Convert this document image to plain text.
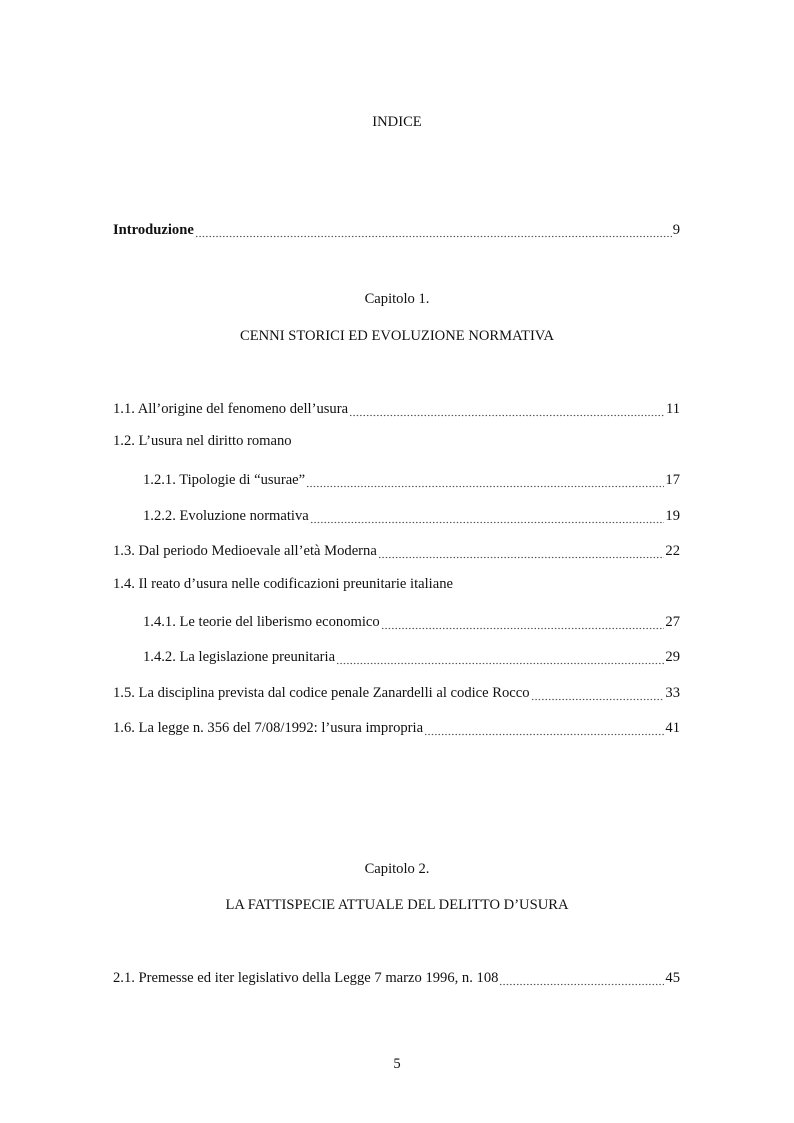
INDICE
Introduzione	9
Capitolo 1.
CENNI STORICI ED EVOLUZIONE NORMATIVA
1.1. All’origine del fenomeno dell’usura	11
1.2. L’usura nel diritto romano
1.2.1. Tipologie di “usurae”	17
1.2.2. Evoluzione normativa	19
1.3. Dal periodo Medioevale all’età Moderna	22
1.4. Il reato d’usura nelle codificazioni preunitarie italiane
1.4.1. Le teorie del liberismo economico	27
1.4.2. La legislazione preunitaria	29
1.5. La disciplina prevista dal codice penale Zanardelli al codice Rocco	33
1.6. La legge n. 356 del 7/08/1992: l’usura impropria	41
Capitolo 2.
LA FATTISPECIE ATTUALE DEL DELITTO D’USURA
2.1. Premesse ed iter legislativo della Legge 7 marzo 1996, n. 108	45
5
